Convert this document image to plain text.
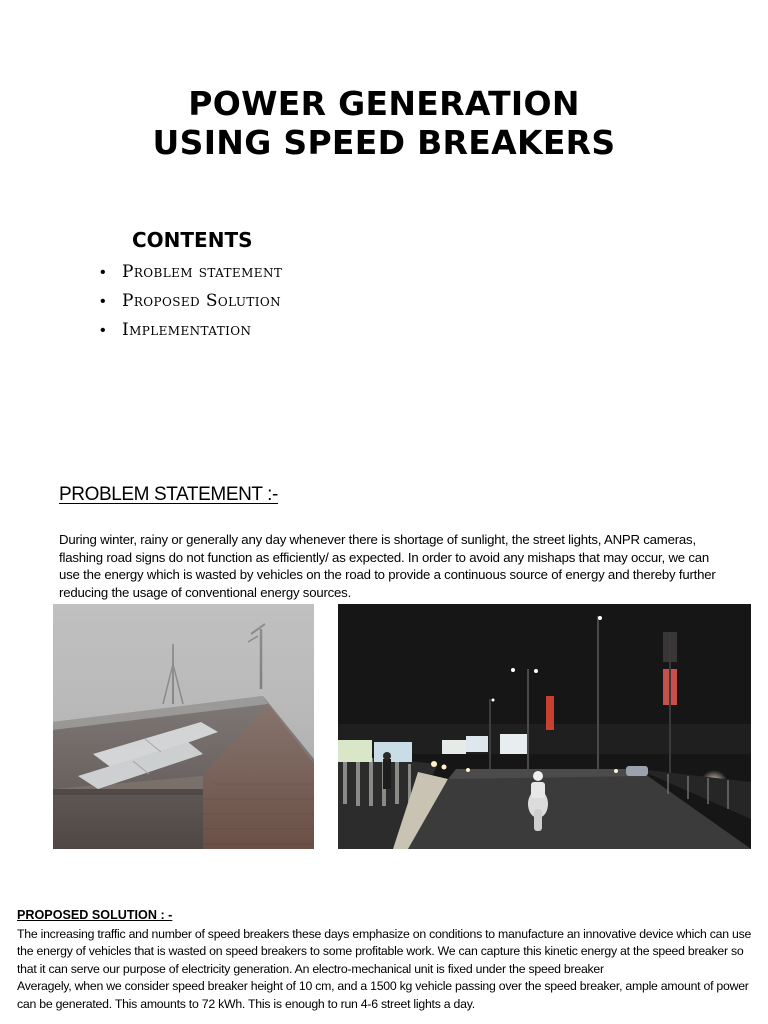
POWER GENERATION
USING SPEED BREAKERS
CONTENTS
• Problem statement
• Proposed Solution
• Implementation
PROBLEM STATEMENT :-
During winter, rainy or generally any day whenever there is shortage of sunlight, the street lights, ANPR cameras, flashing road signs do not function as efficiently/ as expected. In order to avoid any mishaps that may occur, we can use the energy which is wasted by vehicles on the road to provide a continuous source of energy and thereby further reducing the usage of conventional energy sources.
PROPOSED SOLUTION : -

The increasing traffic and number of speed breakers these days emphasize on conditions to manufacture an innovative device which can use the energy of vehicles that is wasted on speed breakers to some profitable work. We can capture this kinetic energy at the speed breaker so that it can serve our purpose of electricity generation. An electro-mechanical unit is fixed under the speed breaker

Averagely, when we consider speed breaker height of 10 cm, and a 1500 kg vehicle passing over the speed breaker, ample amount of power can be generated. This amounts to 72 kWh. This is enough to run 4-6 street lights a day.
